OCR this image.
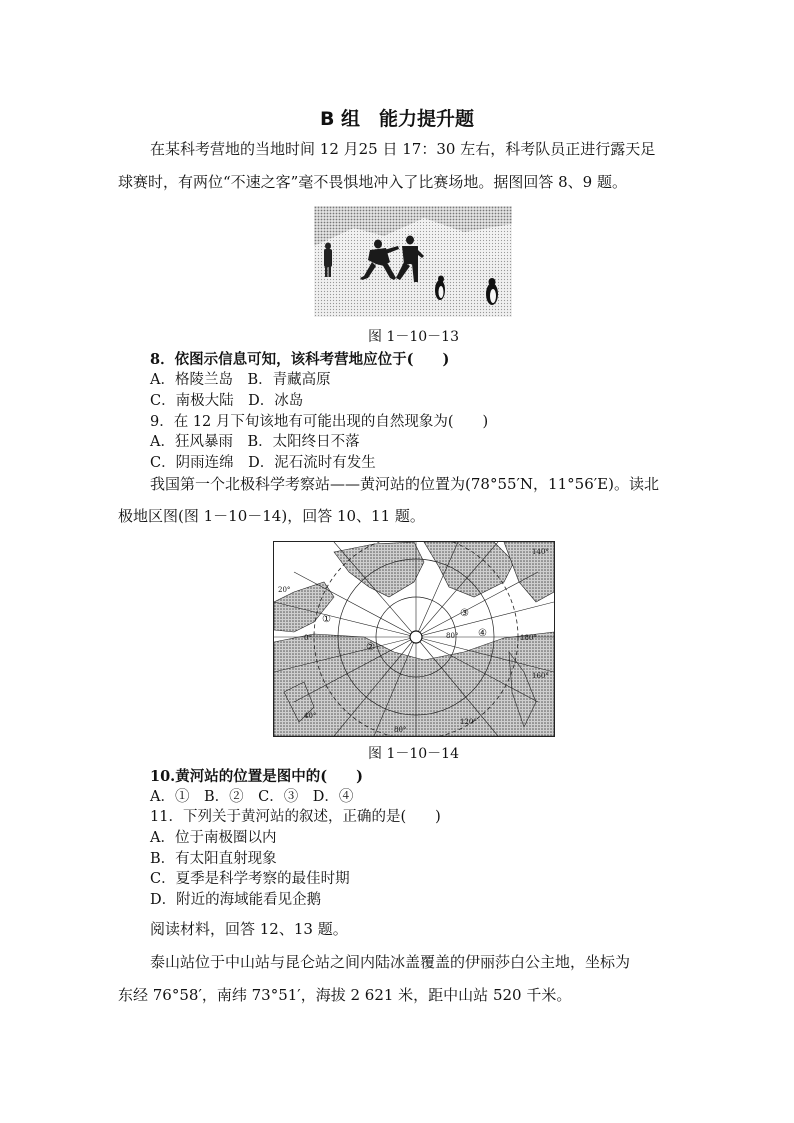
B 组　能力提升题
在某科考营地的当地时间 12 月25 日 17：30 左右，科考队员正进行露天足
球赛时，有两位“不速之客”毫不畏惧地冲入了比赛场地。据图回答 8、9 题。
图 1－10－13
8．依图示信息可知，该科考营地应位于(　　)
A．格陵兰岛　B．青藏高原
C．南极大陆　D．冰岛
9．在 12 月下旬该地有可能出现的自然现象为(　　)
A．狂风暴雨　B．太阳终日不落
C．阴雨连绵　D．泥石流时有发生
我国第一个北极科学考察站——黄河站的位置为(78°55′N，11°56′E)。读北
极地区图(图 1－10－14)，回答 10、11 题。
①
②
③
④
0°
20°
40°
80°
80°
120°
140°
160°
180°
图 1－10－14
10.黄河站的位置是图中的(　　)
A．①　B．②　C．③　D．④
11．下列关于黄河站的叙述，正确的是(　　)
A．位于南极圈以内
B．有太阳直射现象
C．夏季是科学考察的最佳时期
D．附近的海域能看见企鹅
阅读材料，回答 12、13 题。
泰山站位于中山站与昆仑站之间内陆冰盖覆盖的伊丽莎白公主地，坐标为
东经 76°58′，南纬 73°51′，海拔 2 621 米，距中山站 520 千米。
